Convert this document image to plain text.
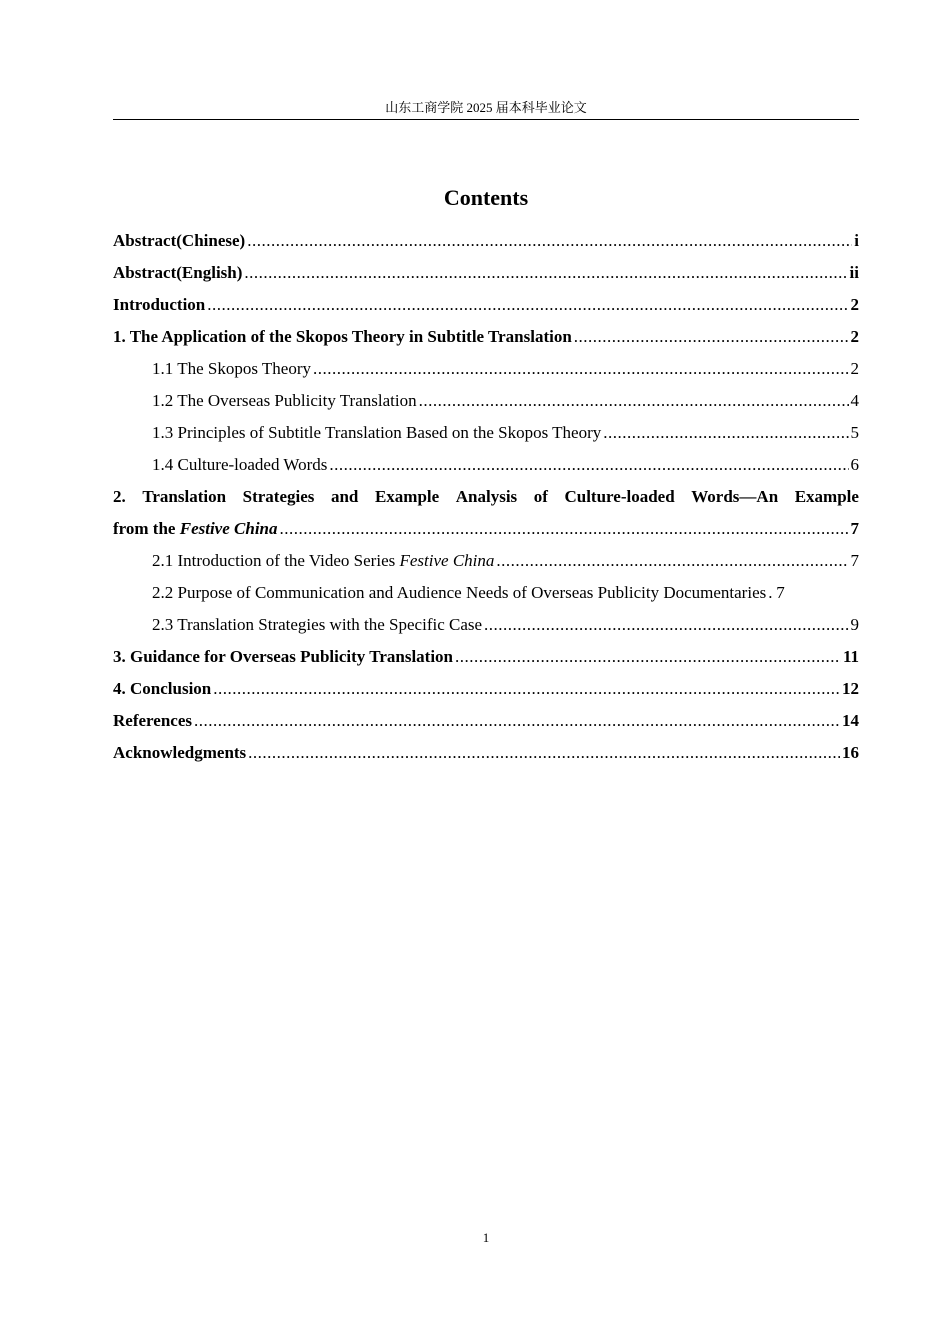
山东工商学院 2025 届本科毕业论文
Contents
Abstract(Chinese) .....	i
Abstract(English) .....	ii
Introduction .....	2
1. The Application of the Skopos Theory in Subtitle Translation .....	2
1.1 The Skopos Theory .....	2
1.2 The Overseas Publicity Translation .....	4
1.3 Principles of Subtitle Translation Based on the Skopos Theory .....	5
1.4 Culture-loaded Words .....	6
2. Translation Strategies and Example Analysis of Culture-loaded Words—An Example
from the Festive China .....	7
2.1 Introduction of the Video Series Festive China .....	7
2.2 Purpose of Communication and Audience Needs of Overseas Publicity Documentaries ..... 7
2.3 Translation Strategies with the Specific Case .....	9
3. Guidance for Overseas Publicity Translation .....	11
4. Conclusion .....	12
References .....	14
Acknowledgments .....	16
1
